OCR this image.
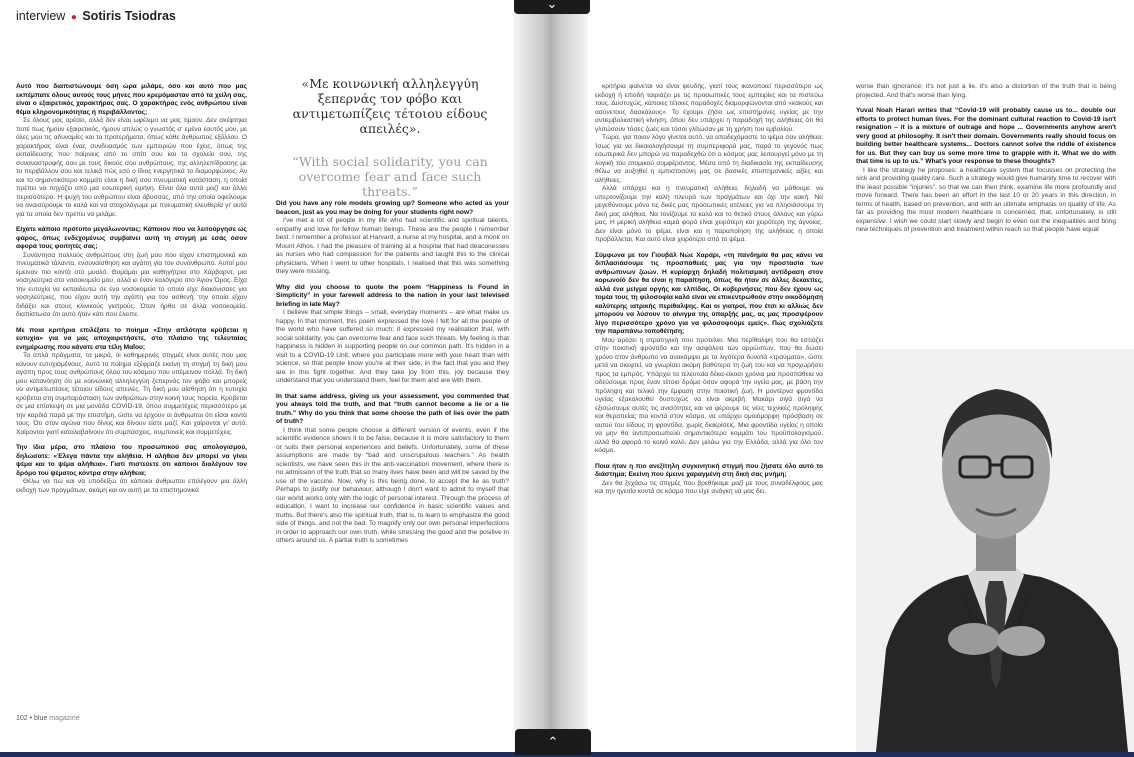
interview ● Sotiris Tsiodras

Αυτό που διαπιστώνουμε όση ώρα μιλάμε, όσο και αυτό που μας εκπέμπατε όλους αυτούς τους μήνες που κρεμόμασταν από τα χείλη σας, είναι ο εξαιρετικός χαρακτήρας σας. Ο χαρακτήρας ενός ανθρώπου είναι θέμα κληρονομικότητας ή περιβάλλοντος;

Σε όλους μας αρέσει, αλλά δεν είναι ωφέλιμο να μας τιμούν. Δεν σκέφτηκα ποτέ πως ήμουν εξαιρετικός, ήμουν απλώς ο γνωστός σ' εμένα εαυτός μου, με όλες μου τις αδυναμίες και τα προτερήματα, όπως κάθε άνθρωπος εξάλλου. Ο χαρακτήρας είναι ένας συνδυασμός των εμπειριών που έχεις, όπως της εκπαίδευσης που παίρνεις από το σπίτι σου και το σχολείο σου, της συναναστροφής σου με τους δικούς σου ανθρώπους, της αλληλεπίδρασης με το περιβάλλον σου και τελικά πώς εσύ ο ίδιος ενεργητικά το διαμορφώνεις. Αν και το σημαντικότερο κομμάτι είναι η δική σου πνευματική κατάσταση, η οποία πρέπει να πηγάζει από μια εσωτερική ειρήνη. Είναι όλα αυτά μαζί και άλλα περισσότερα. Η ψυχή του ανθρώπου είναι άβυσσος, από την οποία οφείλουμε να αναισύρουμε τα καλά και να σταχολόγωμε με πνευματική ελευθερία γι' αυτά για τα οποία δεν πρέπει να μιλάμε.

Είχατε κάποιο πρότυπο μεγαλώνοντας; Κάποιον που να λειτούργησε ως φάρος, όπως ενδεχομένως συμβαίνει αυτή τη στιγμή με εσάς όσον αφορά τους φοιτητές σας;

Συνάντησα πολλούς ανθρώπους στη ζωή μου που είχαν επιστημονικά και πνευματικά τάλαντα, ενσυναίσθηση και αγάπη για τον συνάνθρωπο. Αυτοί μου έμειναν πιο κοντά στο μυαλό. Θυμάμαι μια καθηγήτρια στο Χάρβαρντ, μια νοσηλεύτρια στο νοσοκομείο μου, αλλά κι έναν καλόγερο στο Άγιον Όρος. Είχα την ευτυχία να εκπαιδευτώ σε ένα νοσοκομείο το οποίο είχε διακόνισσες για νοσηλεύτριες, που είχαν αυτή την αγάπη για τον ασθενή, την οποία είχαν διδάξει και στους κλινικούς γιατρούς. Όταν ήρθα σε άλλα νοσοκομεία, διαπίστωσα ότι αυτό ήταν κάτι που έλειπε.

Με ποια κριτήρια επιλέξατε το ποίημα «Στην απλότητα κρύβεται η ευτυχία» για να μας αποχαιρετήσετε, στο πλαίσιο της τελευταίας ενημέρωσης που κάνατε στα τέλη Μαΐου;

Τα απλά πράγματα, τα μικρά, οι καθημερινές στιγμές είναι αυτές που μας κάνουν ευτυχισμένους. Αυτό το ποίημα εξέφραζε εκείνη τη στιγμή τη δική μου αγάπη προς τους ανθρώπους όλου του κόσμου που υπέμειναν πολλά. Τη δική μου κατανόηση ότι με κοινωνική αλληλεγγύη ξεπερνάς τον φόβο και μπορείς να αντιμετωπίσεις τέτοιου είδους απειλές. Τη δική μου αίσθηση ότι η ευτυχία κρύβεται στη συμπαράσταση των ανθρώπων στην κοινή τους πορεία. Κρύβεται σε μια επίσκεψη σε μια μονάδα COVID-19, όπου συμμετέχεις περισσότερο με την καρδιά παρά με την επιστήμη, ώστε να έρχουν οι άνθρωποι ότι είσαι κοντά τους. Ότι στον αγώνα που δίνεις και δίνουν είστε μαζί. Και χαίρονται γι' αυτό. Χαίρονται γιατί καταλαβαίνουν ότι συμπάσχεις, συμπονείς και συμμετέχεις.

Την ίδια μέρα, στο πλαίσιο του προσωπικού σας απολογισμού, δηλώσατε: «Έλεγα πάντα την αλήθεια. Η αλήθεια δεν μπορεί να γίνει ψέμα και το ψέμα αλήθεια». Γιατί πιστεύετε ότι κάποιοι διαλέγουν τον δρόμο του ψέματος κόντρα στην αλήθεια;

Θέλω να πω και να υποδείξω ότι κάποιοι άνθρωποι επιλέγουν μια άλλη εκδοχή των πραγμάτων, ακόμη και αν αυτή με τα επιστημονικά

«Με κοινωνική αλληλεγγύη ξεπερνάς τον φόβο και αντιμετωπίζεις τέτοιου είδους απειλές».
“With social solidarity, you can overcome fear and face such threats.”

Did you have any role models growing up? Someone who acted as your beacon, just as you may be doing for your students right now?

I've met a lot of people in my life who had scientific and spiritual talents, empathy and love for fellow human beings. These are the people I remember best. I remember a professor at Harvard, a nurse at my hospital, and a monk on Mount Athos. I had the pleasure of training at a hospital that had deaconesses as nurses who had compassion for the patients and taught this to the clinical physicians. When I went to other hospitals, I realised that this was something they were missing.

Why did you choose to quote the poem “Happiness Is Found in Simplicity” in your farewell address to the nation in your last televised briefing in late May?

I believe that simple things – small, everyday moments – are what make us happy. In that moment, this poem expressed the love I felt for all the people of the world who have suffered so much; it expressed my realisation that, with social solidarity, you can overcome fear and face such threats. My feeling is that happiness is hidden in supporting people on our common path. It's hidden in a visit to a COVID-19 Unit, where you participate more with your heart than with science, so that people know you're at their side; in the fact that you and they are in this fight together. And they take joy from this, joy because they understand that you understand them, feel for them and are with them.

In that same address, giving us your assessment, you commented that you always told the truth, and that “truth cannot become a lie or a lie truth.” Why do you think that some choose the path of lies over the path of truth?

I think that some people choose a different version of events, even if the scientific evidence shows it to be false, because it is more satisfactory to them or suits their personal experiences and beliefs. Unfortunately, some of these assumptions are made by “bad and unscrupulous teachers.” As health scientists, we have seen this in the anti-vaccination movement, where there is no admission of the truth that so many lives have been and will be saved by the use of the vaccine. Now, why is this being done, to accept the lie as truth? Perhaps to justify our behaviour, although I don't want to admit to myself that our world works only with the logic of personal interest. Through the process of education, I want to increase our confidence in basic scientific values and truths. But there's also the spiritual truth, that is, to learn to emphasize the good side of things, and not the bad. To magnify only our own personal imperfections in order to approach our own truth, while stressing the good and the positive in others around us. A partial truth is sometimes

102 • blue magazine

κριτήρια φαίνεται να είναι ψευδής, γιατί τους ικανοποιεί περισσότερο ως εκδοχή ή επειδή ταιριάζει με τις προσωπικές τους εμπειρίες και τα πιστεύω τους. Δυστυχώς, κάποιες τέτοιες παραδοχές διαμορφώνονται από «κακούς και ασύνετους δασκάλους». Το έχουμε ζήσει ως επιστήμονες υγείας με την αντιεμβολιαστική κίνηση, όπου δεν υπάρχει η παραδοχή της αλήθειας ότι θα γλιτώσουν τόσες ζωές και τόσοι γλίτωσαν με τη χρήση του εμβολίου.

Τώρα, για ποιον λόγο γίνεται αυτό, να αποδεχόμαστε το ψέμα σαν αλήθεια; Ίσως για να δικαιολογήσουμε τη συμπεριφορά μας, παρά το γεγονός πως εσωτερικά δεν μπορώ να παραδεχθώ ότι ο κόσμος μας λειτουργεί μόνο με τη λογική του ατομικού συμφέροντος. Μέσα από τη διαδικασία της εκπαίδευσης θέλω να αυξηθεί η εμπιστοσύνη μας σε βασικές επιστημονικές αξίες και αλήθειες.

Αλλά υπάρχει και η πνευματική αλήθεια, δηλαδή να μάθουμε να υπερτονίζουμε την καλή πλευρά των πραγμάτων και όχι την κακή. Να μεγεθύνουμε μόνο τις δικές μας προσωπικές ατέλειες για να πλησιάσουμε τη δική μας αλήθεια. Να τονίζουμε το καλό και το θετικό στους άλλους και γύρω μας. Η μερική αλήθεια καμιά φορά είναι χειρότερη και χειρότερη της άγνοιας. Δεν είναι μόνο το ψέμα, είναι και η παραποίηση της αλήθειας η οποία προβάλλεται. Και αυτό είναι χειρότερο από το ψέμα.

Σύμφωνα με τον Γιουβάλ Νώε Χαράρι, «τη πανδημία θα μας κάνει να διπλασιάσουμε τις προσπάθειές μας για την προστασία των ανθρώπινων ζωών. Η κυρίαρχη δηλαδή πολιτισμική αντίδραση στον κορωνοϊό δεν θα είναι η παραίτηση, όπως θα ήταν σε άλλες δεκαετίες, αλλά ένα μείγμα οργής και ελπίδας. Οι κυβερνήσεις που δεν έχουν ως τομέα τους τη φιλοσοφία καλό είναι να επικεντρωθούν στην οικοδόμηση καλύτερης ιατρικής περίθαλψης. Και οι γιατροί, που έτσι κι αλλιώς δεν μπορούν να λύσουν το αίνιγμα της ύπαρξής μας, ας μας προσφέρουν λίγο περισσότερο χρόνο για να φιλοσοφούμε εμείς». Πώς σχολιάζετε την παραπάνω τοποθέτηση;

Μου αρέσει η στρατηγική που προτείνει. Μια περίθαλψη που θα εστιάζει στην ποιοτική φροντίδα και την ασφάλεια των αρρώστων, που θα δώσει χρόνο στον άνθρωπο να ανακάμψει με τα λιγότερα δυνατά «τραύματα», ώστε μετά να σκεφτεί, να γνωρίσει ακόμη βαθύτερα τη ζωή του και να προχωρήσει προς τα εμπρός. Υπάρχει τα τελευταία δέκα-είκοσι χρόνια μια προσπάθεια να οδεύσουμε προς έναν τέτοιο δρόμο όσον αφορά την υγεία μας, με βάση την πρόληψη και τελικό την έμφαση στην ποιοτική ζωή. Η μοντέρνα φροντίδα υγείας εξακολουθεί δυστυχώς να είναι ακριβή. Μακάρι σιγά σιγά να εξισώσουμε αυτές τις ανισότητες και να φέρουμε τις νέες τεχνικές πρόληψης και θεραπείας πιο κοντά στον κόσμο, να υπάρχει ομοιόμορφη πρόσβαση σε αυτού του είδους τη φροντίδα, χωρίς διακρίσεις. Μια φροντίδα υγείας η οποία να μην θα αντιπροσωπεύει σημαντικότερο κομμάτι του προϋπολογισμού, αλλά θα αφορά το κοινό καλό. Δεν μιλάω για την Ελλάδα, αλλά για όλο τον κόσμο.

Ποια ήταν η πιο ανεξίτηλη συγκινητική στιγμή που ζήσατε όλο αυτό το διάστημα; Εκείνη που έμεινε χαραγμένη στη δική σας μνήμη;

Δεν θα ξεχάσω τις στιγμές που βρεθήκαμε μαζί με τους συναδέλφους μας και την ηγεσία κοντά σε κόσμο που είχε ανάγκη να μας δει.

worse than ignorance; it's not just a lie, it's also a distortion of the truth that is being projected. And that's worse than lying.

Yuval Noah Harari writes that “Covid-19 will probably cause us to... double our efforts to protect human lives. For the dominant cultural reaction to Covid-19 isn't resignation – it is a mixture of outrage and hope ... Governments anyhow aren't very good at philosophy. It isn't their domain. Governments really should focus on building better healthcare systems... Doctors cannot solve the riddle of existence for us. But they can buy us some more time to grapple with it. What we do with that time is up to us.” What's your response to these thoughts?

I like the strategy he proposes: a healthcare system that focusses on protecting the sick and providing quality care. Such a strategy would give humanity time to recover with the least possible “injuries”, so that we can then think, examine life more profoundly and move forward. There has been an effort in the last 10 or 20 years in this direction, in terms of health, based on prevention, and with an ultimate emphasis on quality of life. As far as providing the most modern healthcare is concerned, that, unfortunately, is still expensive. I wish we could start slowly and begin to even out the inequalities and bring new techniques of prevention and treatment within reach so that people have equal

⌄
⌃
